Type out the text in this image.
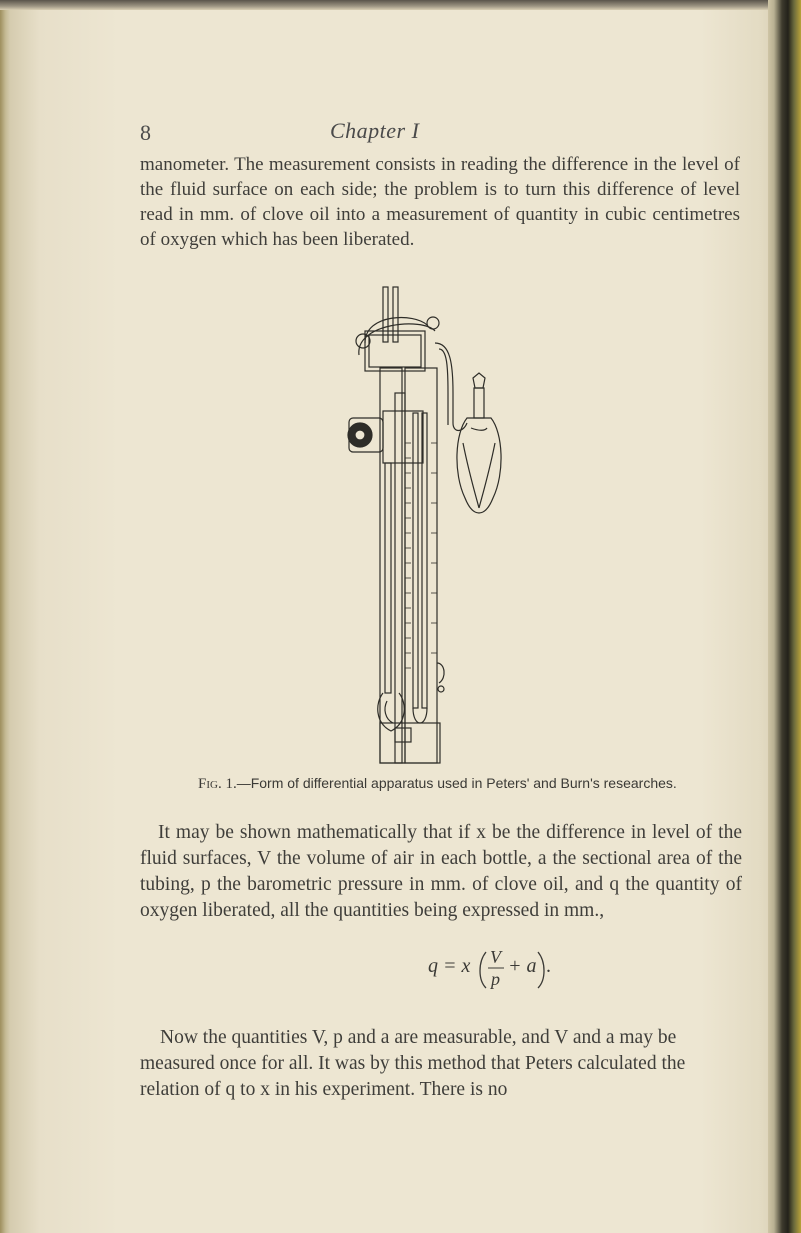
8	Chapter I

manometer. The measurement consists in reading the difference in the level of the fluid surface on each side; the problem is to turn this difference of level read in mm. of clove oil into a measurement of quantity in cubic centimetres of oxygen which has been liberated.

Fig. 1.—Form of differential apparatus used in Peters' and Burn's researches.

It may be shown mathematically that if x be the difference in level of the fluid surfaces, V the volume of air in each bottle, a the sectional area of the tubing, p the barometric pressure in mm. of clove oil, and q the quantity of oxygen liberated, all the quantities being expressed in mm.,

q = x V
p
+ a .

Now the quantities V, p and a are measurable, and V and a may be measured once for all. It was by this method that Peters calculated the relation of q to x in his experiment. There is no
